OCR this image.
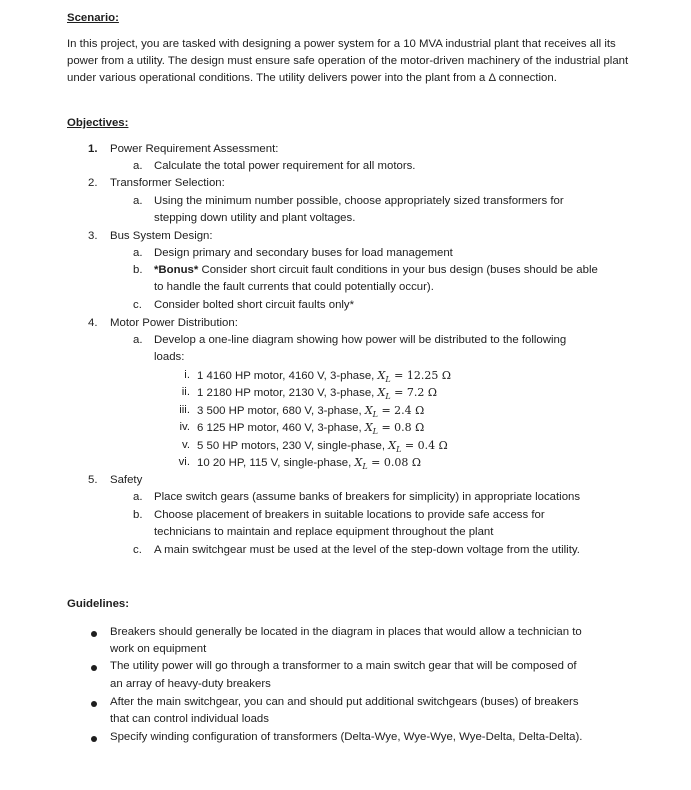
Scenario:
In this project, you are tasked with designing a power system for a 10 MVA industrial plant that receives all its power from a utility. The design must ensure safe operation of the motor-driven machinery of the industrial plant under various operational conditions. The utility delivers power into the plant from a Δ connection.
Objectives:
1. Power Requirement Assessment:
a. Calculate the total power requirement for all motors.
2. Transformer Selection:
a. Using the minimum number possible, choose appropriately sized transformers for
stepping down utility and plant voltages.
3. Bus System Design:
a. Design primary and secondary buses for load management
b. *Bonus* Consider short circuit fault conditions in your bus design (buses should be able
to handle the fault currents that could potentially occur).
c. Consider bolted short circuit faults only*
4. Motor Power Distribution:
a. Develop a one-line diagram showing how power will be distributed to the following
loads:
i. 1 4160 HP motor, 4160 V, 3-phase, $X_L = 12.25$ Ω
ii. 1 2180 HP motor, 2130 V, 3-phase, $X_L = 7.2$ Ω
iii. 3 500 HP motor, 680 V, 3-phase, $X_L = 2.4$ Ω
iv. 6 125 HP motor, 460 V, 3-phase, $X_L = 0.8$ Ω
v. 5 50 HP motors, 230 V, single-phase, $X_L = 0.4$ Ω
vi. 10 20 HP, 115 V, single-phase, $X_L = 0.08$ Ω
5. Safety
a. Place switch gears (assume banks of breakers for simplicity) in appropriate locations
b. Choose placement of breakers in suitable locations to provide safe access for
technicians to maintain and replace equipment throughout the plant
c. A main switchgear must be used at the level of the step-down voltage from the utility.
Guidelines:
Breakers should generally be located in the diagram in places that would allow a technician to
work on equipment
The utility power will go through a transformer to a main switch gear that will be composed of
an array of heavy-duty breakers
After the main switchgear, you can and should put additional switchgears (buses) of breakers
that can control individual loads
Specify winding configuration of transformers (Delta-Wye, Wye-Wye, Wye-Delta, Delta-Delta).
